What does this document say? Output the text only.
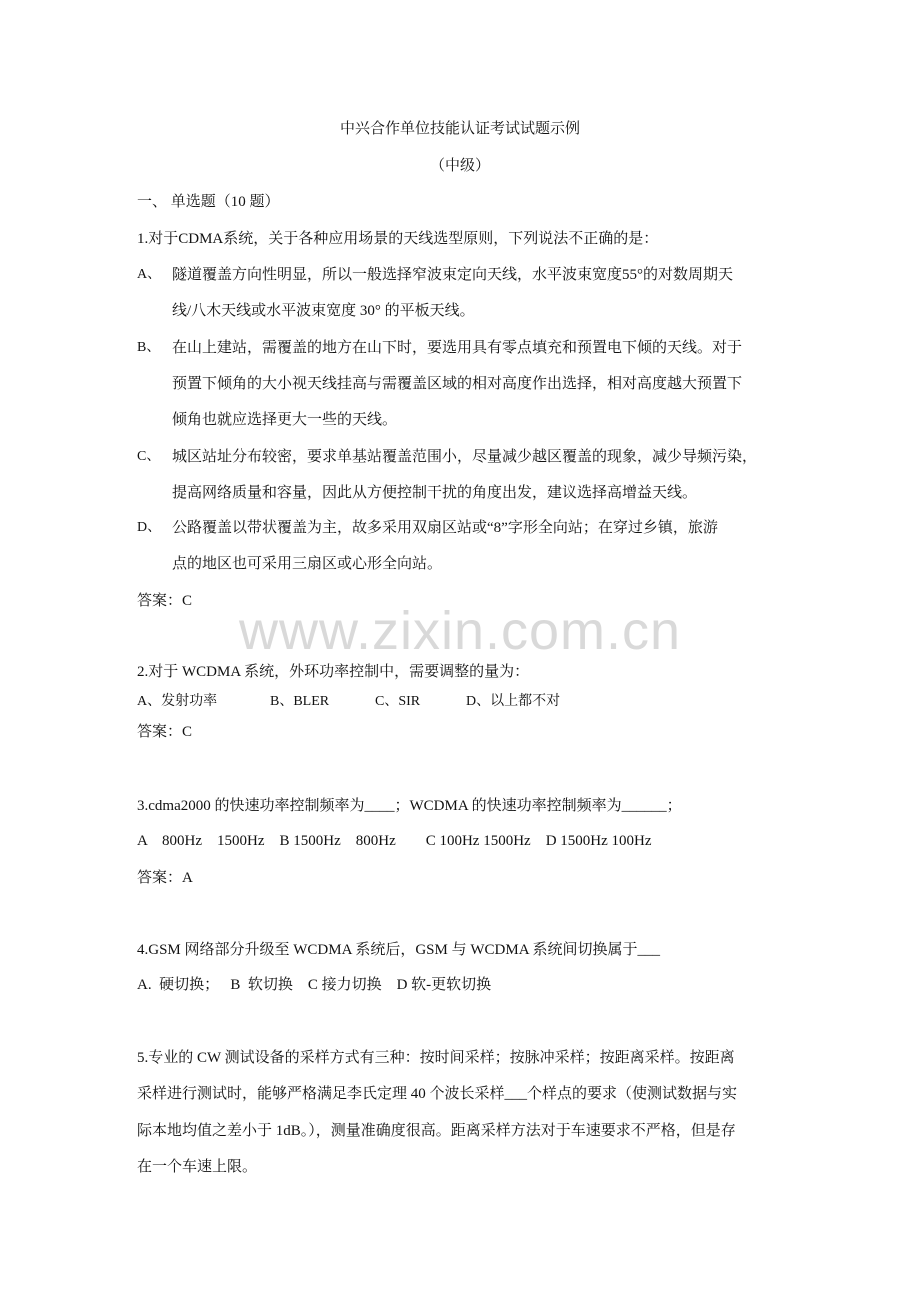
www.zixin.com.cn
中兴合作单位技能认证考试试题示例
（中级）
一、 单选题（10 题）
1.对于CDMA系统，关于各种应用场景的天线选型原则，下列说法不正确的是：
A、 隧道覆盖方向性明显，所以一般选择窄波束定向天线，水平波束宽度55°的对数周期天
线/八木天线或水平波束宽度 30° 的平板天线。
B、 在山上建站，需覆盖的地方在山下时，要选用具有零点填充和预置电下倾的天线。对于
预置下倾角的大小视天线挂高与需覆盖区域的相对高度作出选择，相对高度越大预置下
倾角也就应选择更大一些的天线。
C、 城区站址分布较密，要求单基站覆盖范围小，尽量减少越区覆盖的现象，减少导频污染，
提高网络质量和容量，因此从方便控制干扰的角度出发，建议选择高增益天线。
D、 公路覆盖以带状覆盖为主，故多采用双扇区站或“8”字形全向站；在穿过乡镇，旅游
点的地区也可采用三扇区或心形全向站。
答案：C
2.对于 WCDMA 系统，外环功率控制中，需要调整的量为：
A、发射功率	B、BLER	C、SIR	D、以上都不对
答案：C
3.cdma2000 的快速功率控制频率为____；WCDMA 的快速功率控制频率为______；
A    800Hz    1500Hz    B 1500Hz    800Hz        C 100Hz 1500Hz    D 1500Hz 100Hz
答案：A
4.GSM 网络部分升级至 WCDMA 系统后，GSM 与 WCDMA 系统间切换属于___
A.  硬切换；   B  软切换    C 接力切换    D 软-更软切换
5.专业的 CW 测试设备的采样方式有三种：按时间采样；按脉冲采样；按距离采样。按距离
采样进行测试时，能够严格满足李氏定理 40 个波长采样___个样点的要求（使测试数据与实
际本地均值之差小于 1dB。），测量准确度很高。距离采样方法对于车速要求不严格，但是存
在一个车速上限。
